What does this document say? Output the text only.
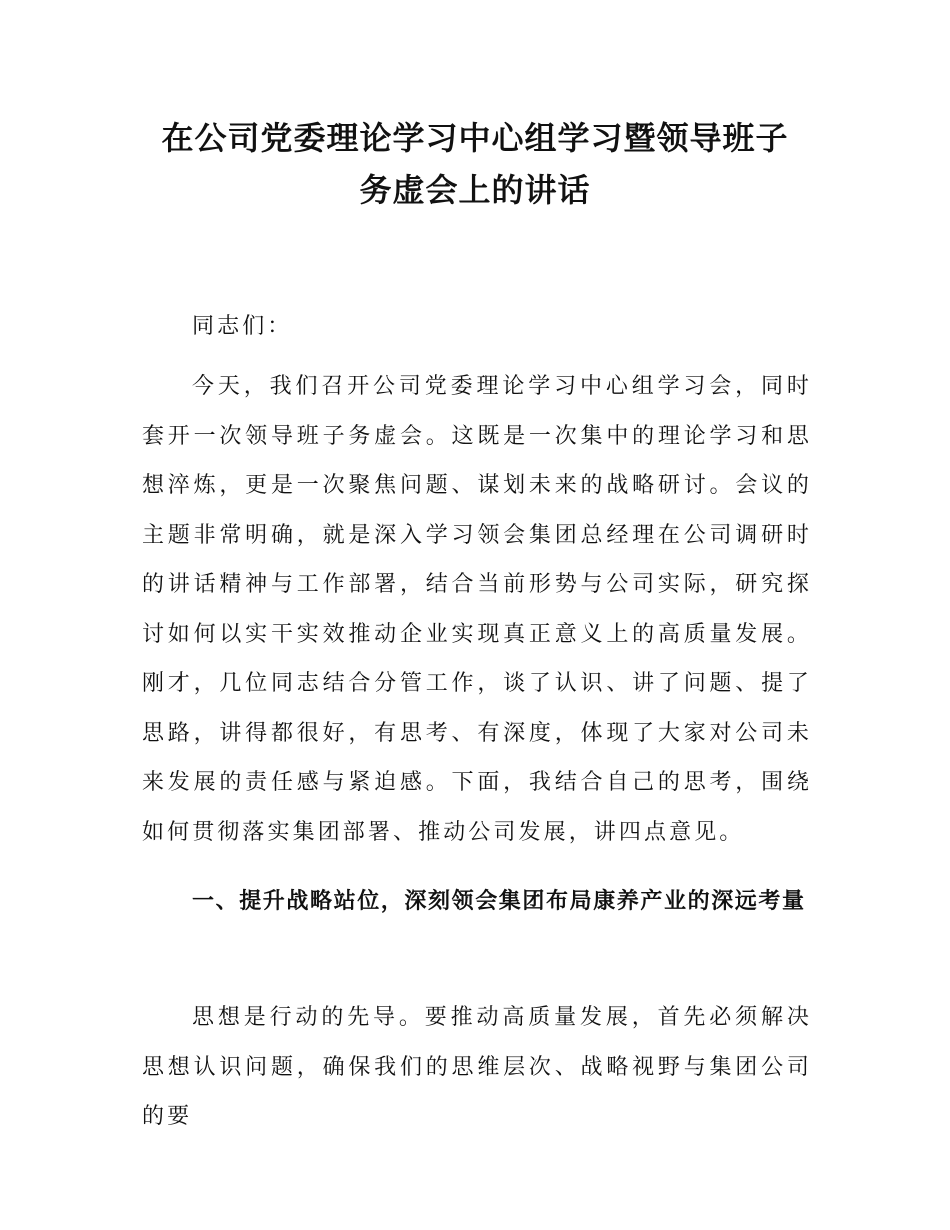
在公司党委理论学习中心组学习暨领导班子
务虚会上的讲话

同志们：

今天，我们召开公司党委理论学习中心组学习会，同时套开一次领导班子务虚会。这既是一次集中的理论学习和思想淬炼，更是一次聚焦问题、谋划未来的战略研讨。会议的主题非常明确，就是深入学习领会集团总经理在公司调研时的讲话精神与工作部署，结合当前形势与公司实际，研究探讨如何以实干实效推动企业实现真正意义上的高质量发展。刚才，几位同志结合分管工作，谈了认识、讲了问题、提了思路，讲得都很好，有思考、有深度，体现了大家对公司未来发展的责任感与紧迫感。下面，我结合自己的思考，围绕如何贯彻落实集团部署、推动公司发展，讲四点意见。

一、提升战略站位，深刻领会集团布局康养产业的深远考量

思想是行动的先导。要推动高质量发展，首先必须解决思想认识问题，确保我们的思维层次、战略视野与集团公司的要
